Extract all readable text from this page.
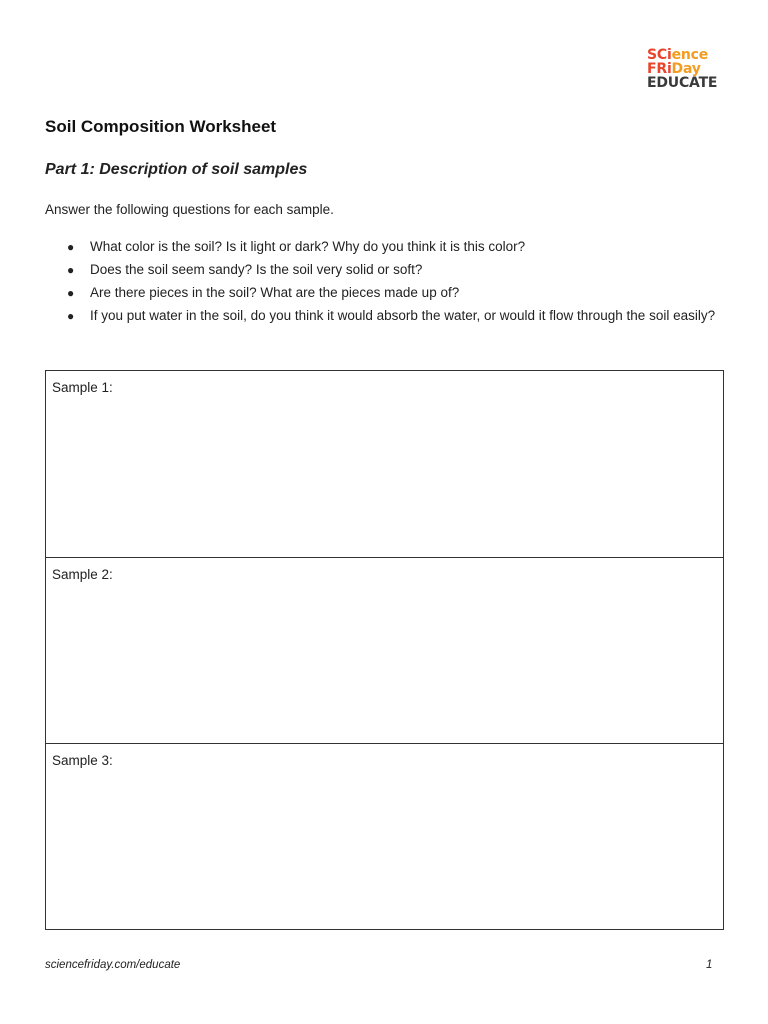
SCience
FRiDay
EDUCATE
Soil Composition Worksheet
Part 1: Description of soil samples

Answer the following questions for each sample.

● What color is the soil? Is it light or dark? Why do you think it is this color?
● Does the soil seem sandy? Is the soil very solid or soft?
● Are there pieces in the soil? What are the pieces made up of?
● If you put water in the soil, do you think it would absorb the water, or would it flow through the soil easily?
Sample 1:
Sample 2:
Sample 3:
sciencefriday.com/educate	1
